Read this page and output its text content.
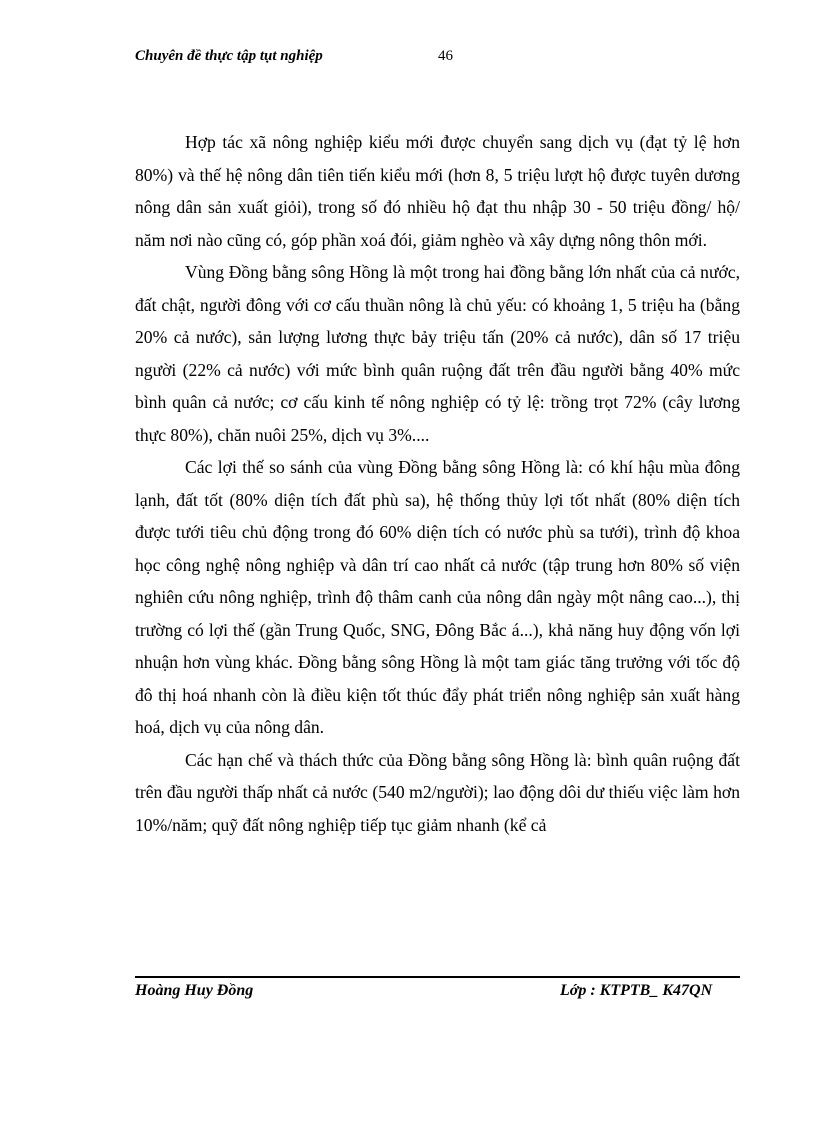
Chuyên đề thực tập tụt nghiệp	46

Hợp tác xã nông nghiệp kiểu mới được chuyển sang dịch vụ (đạt tỷ lệ hơn 80%) và thế hệ nông dân tiên tiến kiểu mới (hơn 8, 5 triệu lượt hộ được tuyên dương nông dân sản xuất giỏi), trong số đó nhiều hộ đạt thu nhập 30 - 50 triệu đồng/ hộ/ năm nơi nào cũng có, góp phần xoá đói, giảm nghèo và xây dựng nông thôn mới.

Vùng Đồng bằng sông Hồng là một trong hai đồng bằng lớn nhất của cả nước, đất chật, người đông với cơ cấu thuần nông là chủ yếu: có khoảng 1, 5 triệu ha (bằng 20% cả nước), sản lượng lương thực bảy triệu tấn (20% cả nước), dân số 17 triệu người (22% cả nước) với mức bình quân ruộng đất trên đầu người bằng 40% mức bình quân cả nước; cơ cấu kinh tế nông nghiệp có tỷ lệ: trồng trọt 72% (cây lương thực 80%), chăn nuôi 25%, dịch vụ 3%....

Các lợi thế so sánh của vùng Đồng bằng sông Hồng là: có khí hậu mùa đông lạnh, đất tốt (80% diện tích đất phù sa), hệ thống thủy lợi tốt nhất (80% diện tích được tưới tiêu chủ động trong đó 60% diện tích có nước phù sa tưới), trình độ khoa học công nghệ nông nghiệp và dân trí cao nhất cả nước (tập trung hơn 80% số viện nghiên cứu nông nghiệp, trình độ thâm canh của nông dân ngày một nâng cao...), thị trường có lợi thế (gần Trung Quốc, SNG, Đông Bắc á...), khả năng huy động vốn lợi nhuận hơn vùng khác. Đồng bằng sông Hồng là một tam giác tăng trưởng với tốc độ đô thị hoá nhanh còn là điều kiện tốt thúc đẩy phát triển nông nghiệp sản xuất hàng hoá, dịch vụ của nông dân.

Các hạn chế và thách thức của Đồng bằng sông Hồng là: bình quân ruộng đất trên đầu người thấp nhất cả nước (540 m2/người); lao động dôi dư thiếu việc làm hơn 10%/năm; quỹ đất nông nghiệp tiếp tục giảm nhanh (kể cả

Hoàng Huy Đồng	Lớp : KTPTB_ K47QN
